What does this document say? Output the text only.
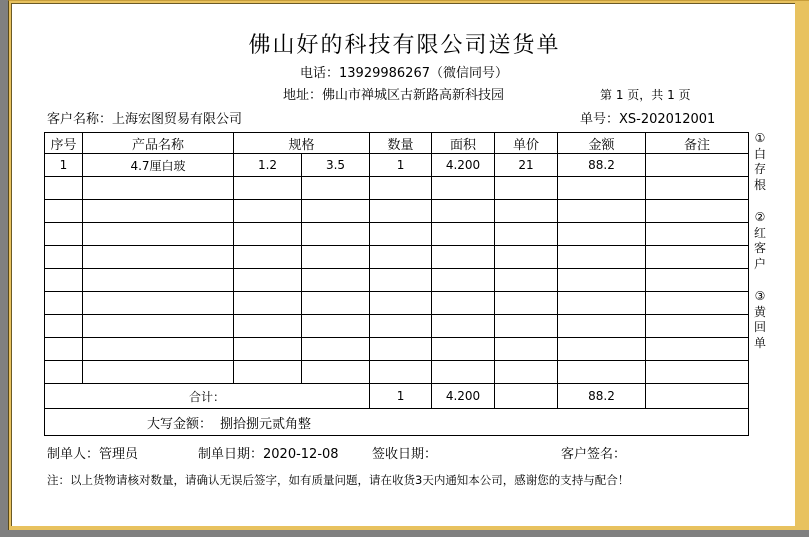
佛山好的科技有限公司送货单
电话：13929986267（微信同号）
地址：佛山市禅城区古新路高新科技园	第 1 页，共 1 页
客户名称：上海宏图贸易有限公司	单号：XS-202012001
序号	产品名称	规格		数量	面积	单价	金额	备注
1	4.7厘白玻	1.2	3.5	1	4.200	21	88.2	

合计：				1	4.200		88.2	
大写金额： 捌拾捌元贰角整								
①
白
存
根
②
红
客
户
③
黄
回
单
制单人：管理员	制单日期：2020-12-08	签收日期：	客户签名：
注：以上货物请核对数量，请确认无误后签字，如有质量问题，请在收货3天内通知本公司，感谢您的支持与配合！
